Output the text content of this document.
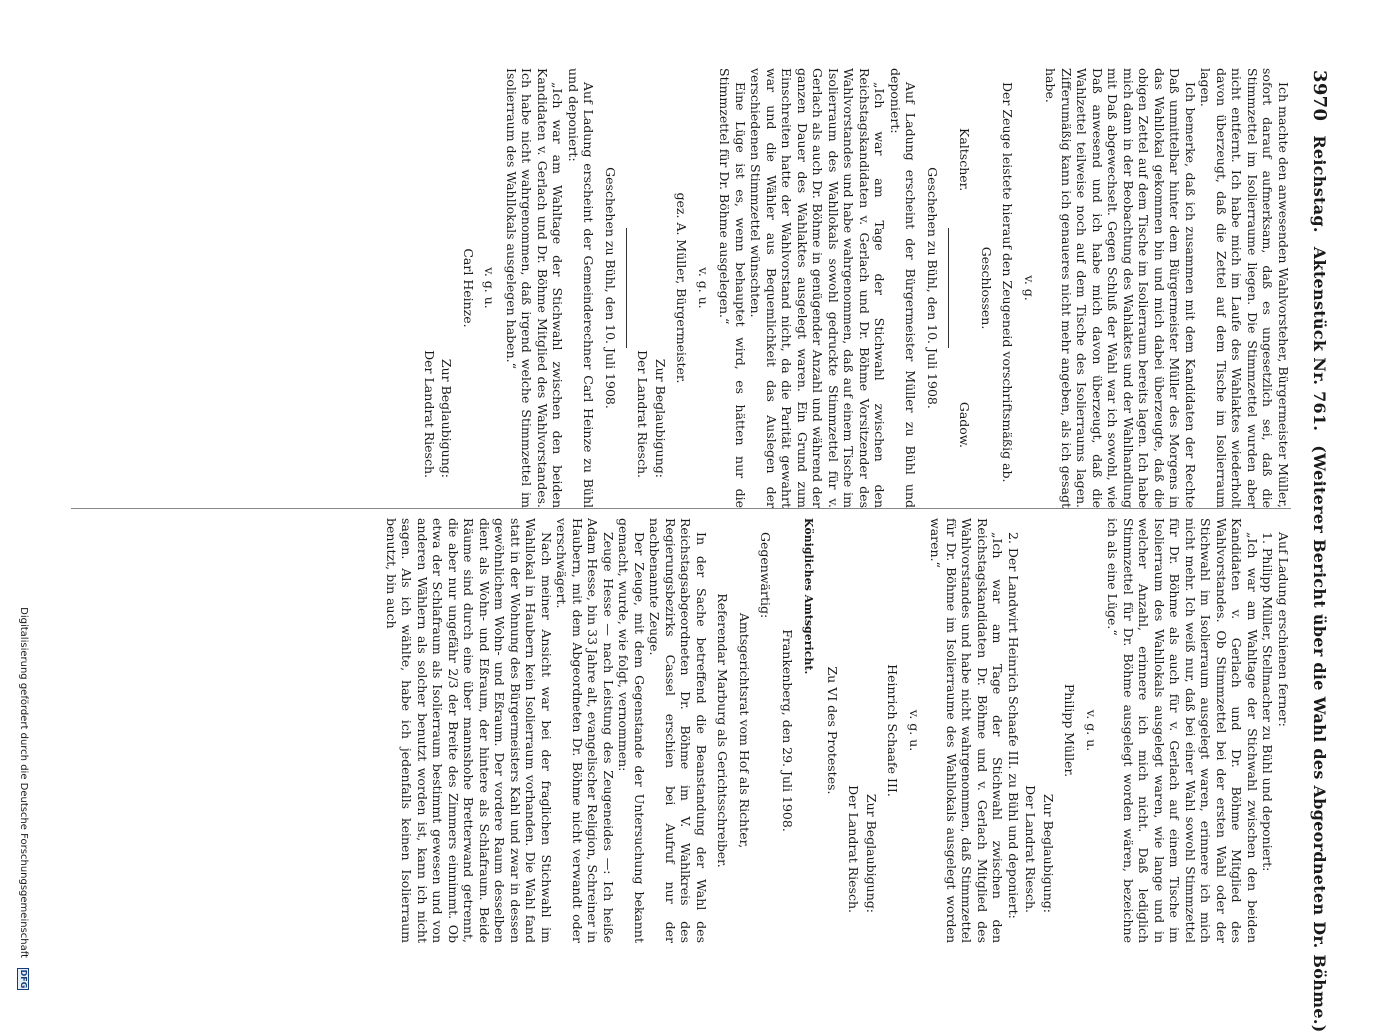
3970
Reichstag.
Aktenstück Nr. 761.
(Weiterer Bericht über die Wahl des Abgeordneten Dr. Böhme.)

Ich machte den anwesenden Wahlvorsteher, Bürgermeister Müller, sofort darauf aufmerksam, daß es ungesetzlich sei, daß die Stimmzettel im Isolierraume liegen. Die Stimmzettel wurden aber nicht entfernt. Ich habe mich im Laufe des Wahlaktes wiederholt davon überzeugt, daß die Zettel auf dem Tische im Isolierraum lagen.

Ich bemerke, daß ich zusammen mit dem Kandidaten der Rechte Daß unmittelbar hinter dem Bürgermeister Müller des Morgens in das Wahllokal gekommen bin und mich dabei überzeugte, daß die obigen Zettel auf dem Tische im Isolierraum bereits lagen. Ich habe mich dann in der Beobachtung des Wahlaktes und der Wahlhandlung mit Daß abgewechselt. Gegen Schluß der Wahl war ich sowohl, wie Daß anwesend und ich habe mich davon überzeugt, daß die Wahlzettel teilweise noch auf dem Tische des Isolierraums lagen. Zifferumäßig kann ich genaueres nicht mehr angeben, als ich gesagt habe.

v. g.

Der Zeuge leistete hierauf den Zeugeneid vorschriftsmäßig ab.

Geschlossen.

Kaltscher.
Gadow.

Geschehen zu Bühl, den 10. Juli 1908.

Auf Ladung erscheint der Bürgermeister Müller zu Bühl und deponiert:

„Ich war am Tage der Stichwahl zwischen den Reichstagskandidaten v. Gerlach und Dr. Böhme Vorsitzender des Wahlvorstandes und habe wahrgenommen, daß auf einem Tische im Isolierraum des Wahllokals sowohl gedruckte Stimmzettel für v. Gerlach als auch Dr. Böhme in genügender Anzahl und während der ganzen Dauer des Wahlaktes ausgelegt waren. Ein Grund zum Einschreiten hatte der Wahlvorstand nicht, da die Parität gewahrt war und die Wähler aus Bequemlichkeit das Auslegen der verschiedenen Stimmzettel wünschten.

Eine Lüge ist es, wenn behauptet wird, es hätten nur die Stimmzettel für Dr. Böhme ausgelegen.“

v. g. u.

gez. A. Müller, Bürgermeister.

Zur Beglaubigung:

Der Landrat Riesch.

Geschehen zu Bühl, den 10. Juli 1908.

Auf Ladung erscheint der Gemeinderechner Carl Heinze zu Bühl und deponiert:

„Ich war am Wahltage der Stichwahl zwischen den beiden Kandidaten v. Gerlach und Dr. Böhme Mitglied des Wahlvorstandes. Ich habe nicht wahrgenommen, daß irgend welche Stimmzettel im Isolierraum des Wahllokals ausgelegen haben.“

v. g. u.

Carl Heinze.

Zur Beglaubigung:

Der Landrat Riesch.

Auf Ladung erschienen ferner:

1. Philipp Müller, Stellmacher zu Bühl und deponiert:

„Ich war am Wahltage der Stichwahl zwischen den beiden Kandidaten v. Gerlach und Dr. Böhme Mitglied des Wahlvorstandes. Ob Stimmzettel bei der ersten Wahl oder der Stichwahl im Isolierraum ausgelegt waren, erinnere ich mich nicht mehr. Ich weiß nur, daß bei einer Wahl sowohl Stimmzettel für Dr. Böhme als auch für v. Gerlach auf einem Tische im Isolierraum des Wahllokals ausgelegt waren, wie lange und in welcher Anzahl, erinnere ich mich nicht. Daß lediglich Stimmzettel für Dr. Böhme ausgelegt worden wären, bezeichne ich als eine Lüge.“

v. g. u.

Philipp Müller.

Zur Beglaubigung:

Der Landrat Riesch.

2. Der Landwirt Heinrich Schaafe III. zu Bühl und deponiert:

„Ich war am Tage der Stichwahl zwischen den Reichstagskandidaten Dr. Böhme und v. Gerlach Mitglied des Wahlvorstandes und habe nicht wahrgenommen, daß Stimmzettel für Dr. Böhme im Isolierraume des Wahllokals ausgelegt worden waren.“

v. g. u.

Heinrich Schaafe III.

Zur Beglaubigung:

Der Landrat Riesch.

Zu VI des Protestes.

Königliches Amtsgericht.

Frankenberg, den 29. Juli 1908.

Gegenwärtig:

Amtsgerichtsrat vom Hof als Richter,

Referendar Marburg als Gerichtsschreiber.

In der Sache betreffend die Beanstandung der Wahl des Reichstagsabgeordneten Dr. Böhme im V. Wahlkreis des Regierungsbezirks Cassel erschien bei Aufruf nur der nachbenannte Zeuge.

Der Zeuge, mit dem Gegenstande der Untersuchung bekannt gemacht, wurde, wie folgt, vernommen:

Zeuge Hesse — nach Leistung des Zeugeneides —: Ich heiße Adam Hesse, bin 33 Jahre alt, evangelischer Religion, Schreiner in Haubern, mit dem Abgeordneten Dr. Böhme nicht verwandt oder verschwägert.

Nach meiner Ansicht war bei der fraglichen Stichwahl im Wahllokal in Haubern kein Isolierraum vorhanden. Die Wahl fand statt in der Wohnung des Bürgermeisters Kahl und zwar in dessen gewöhnlichem Wohn- und Eßraum. Der vordere Raum desselben dient als Wohn- und Eßraum, der hintere als Schlafraum. Beide Räume sind durch eine über mannshohe Bretterwand getrennt, die aber nur ungefähr 2/3 der Breite des Zimmers einnimmt. Ob etwa der Schlafraum als Isolierraum bestimmt gewesen und von anderen Wählern als solcher benutzt worden ist, kann ich nicht sagen. Als ich wählte, habe ich jedenfalls keinen Isolierraum benutzt, bin auch

Digitalisierung gefördert durch die Deutsche Forschungsgemeinschaft
DFG
